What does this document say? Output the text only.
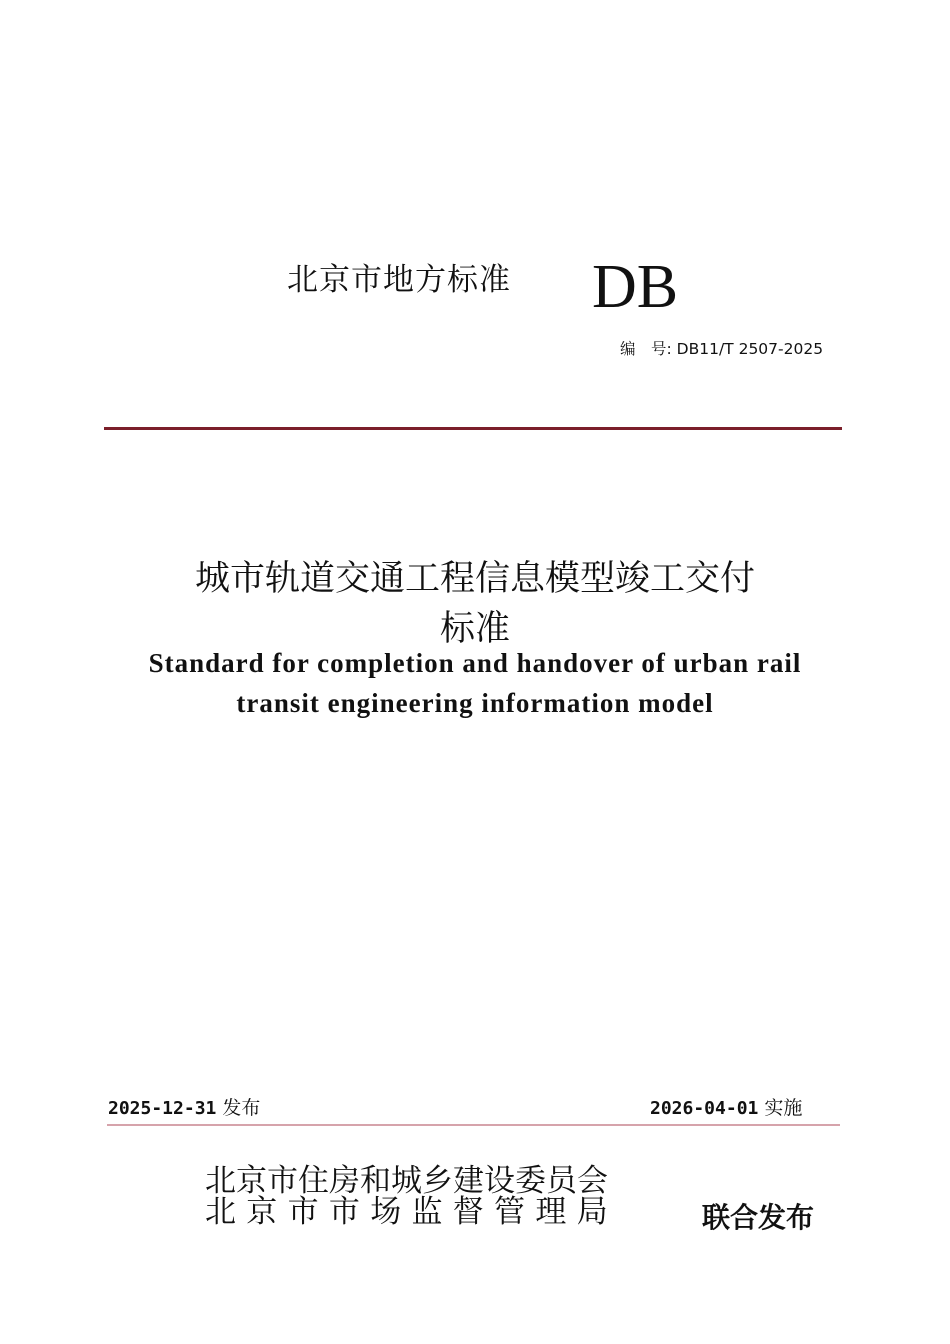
北京市地方标准 DB
编　号: DB11/T 2507-2025
城市轨道交通工程信息模型竣工交付
标准
Standard for completion and handover of urban rail
transit engineering information model
2025-12-31 发布	2026-04-01 实施
北京市住房和城乡建设委员会
北京市市场监督管理局	联合发布
